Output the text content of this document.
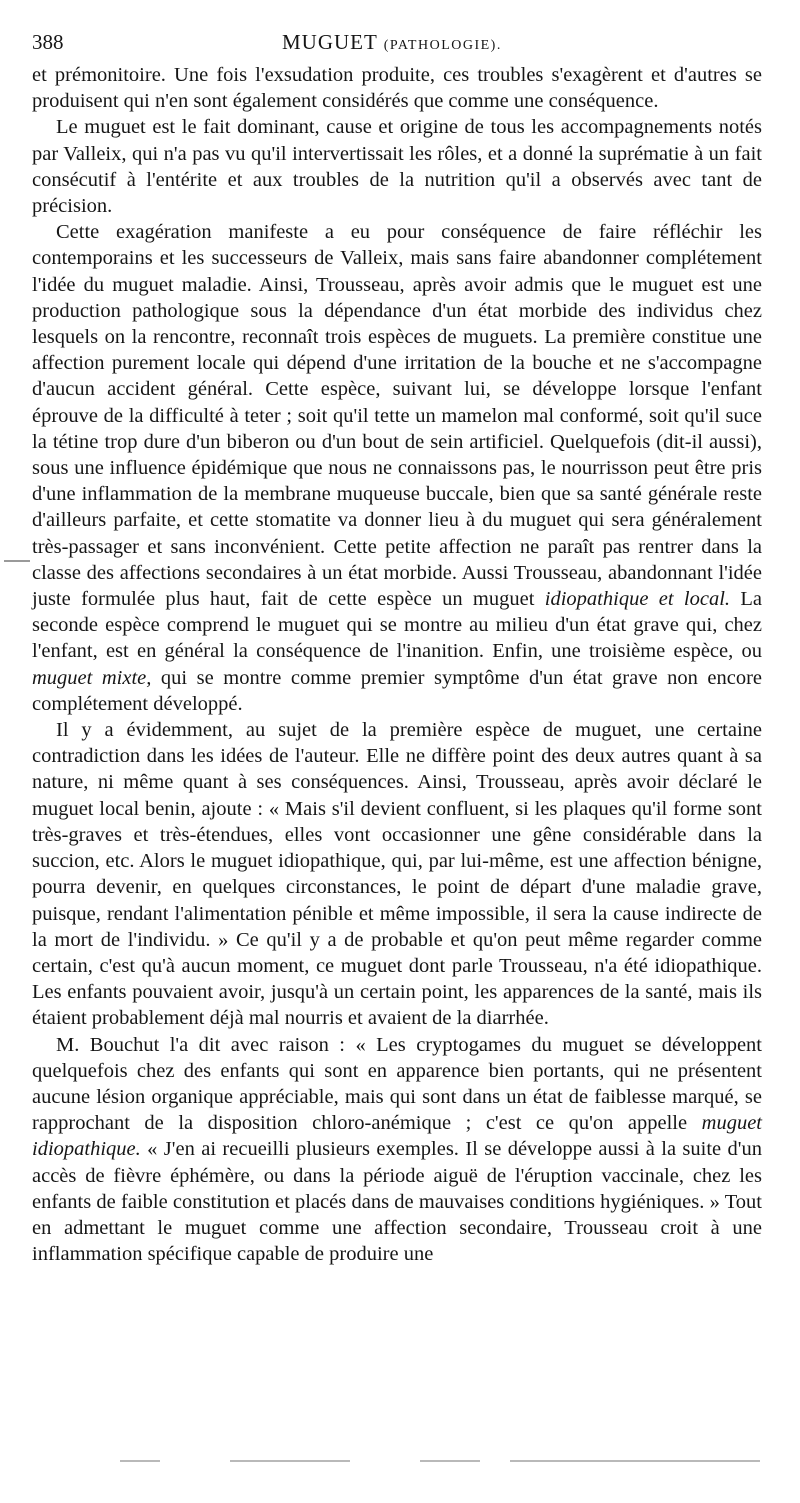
388	MUGUET (PATHOLOGIE).

et prémonitoire. Une fois l'exsudation produite, ces troubles s'exagèrent et d'autres se produisent qui n'en sont également considérés que comme une conséquence.

Le muguet est le fait dominant, cause et origine de tous les accompagnements notés par Valleix, qui n'a pas vu qu'il intervertissait les rôles, et a donné la suprématie à un fait consécutif à l'entérite et aux troubles de la nutrition qu'il a observés avec tant de précision.

Cette exagération manifeste a eu pour conséquence de faire réfléchir les contemporains et les successeurs de Valleix, mais sans faire abandonner complétement l'idée du muguet maladie. Ainsi, Trousseau, après avoir admis que le muguet est une production pathologique sous la dépendance d'un état morbide des individus chez lesquels on la rencontre, reconnaît trois espèces de muguets. La première constitue une affection purement locale qui dépend d'une irritation de la bouche et ne s'accompagne d'aucun accident général. Cette espèce, suivant lui, se développe lorsque l'enfant éprouve de la difficulté à teter ; soit qu'il tette un mamelon mal conformé, soit qu'il suce la tétine trop dure d'un biberon ou d'un bout de sein artificiel. Quelquefois (dit-il aussi), sous une influence épidémique que nous ne connaissons pas, le nourrisson peut être pris d'une inflammation de la membrane muqueuse buccale, bien que sa santé générale reste d'ailleurs parfaite, et cette stomatite va donner lieu à du muguet qui sera généralement très-passager et sans inconvénient. Cette petite affection ne paraît pas rentrer dans la classe des affections secondaires à un état morbide. Aussi Trousseau, abandonnant l'idée juste formulée plus haut, fait de cette espèce un muguet idiopathique et local. La seconde espèce comprend le muguet qui se montre au milieu d'un état grave qui, chez l'enfant, est en général la conséquence de l'inanition. Enfin, une troisième espèce, ou muguet mixte, qui se montre comme premier symptôme d'un état grave non encore complétement développé.

Il y a évidemment, au sujet de la première espèce de muguet, une certaine contradiction dans les idées de l'auteur. Elle ne diffère point des deux autres quant à sa nature, ni même quant à ses conséquences. Ainsi, Trousseau, après avoir déclaré le muguet local benin, ajoute : « Mais s'il devient confluent, si les plaques qu'il forme sont très-graves et très-étendues, elles vont occasionner une gêne considérable dans la succion, etc. Alors le muguet idiopathique, qui, par lui-même, est une affection bénigne, pourra devenir, en quelques circonstances, le point de départ d'une maladie grave, puisque, rendant l'alimentation pénible et même impossible, il sera la cause indirecte de la mort de l'individu. » Ce qu'il y a de probable et qu'on peut même regarder comme certain, c'est qu'à aucun moment, ce muguet dont parle Trousseau, n'a été idiopathique. Les enfants pouvaient avoir, jusqu'à un certain point, les apparences de la santé, mais ils étaient probablement déjà mal nourris et avaient de la diarrhée.

M. Bouchut l'a dit avec raison : « Les cryptogames du muguet se développent quelquefois chez des enfants qui sont en apparence bien portants, qui ne présentent aucune lésion organique appréciable, mais qui sont dans un état de faiblesse marqué, se rapprochant de la disposition chloro-anémique ; c'est ce qu'on appelle muguet idiopathique. « J'en ai recueilli plusieurs exemples. Il se développe aussi à la suite d'un accès de fièvre éphémère, ou dans la période aiguë de l'éruption vaccinale, chez les enfants de faible constitution et placés dans de mauvaises conditions hygiéniques. » Tout en admettant le muguet comme une affection secondaire, Trousseau croit à une inflammation spécifique capable de produire une
